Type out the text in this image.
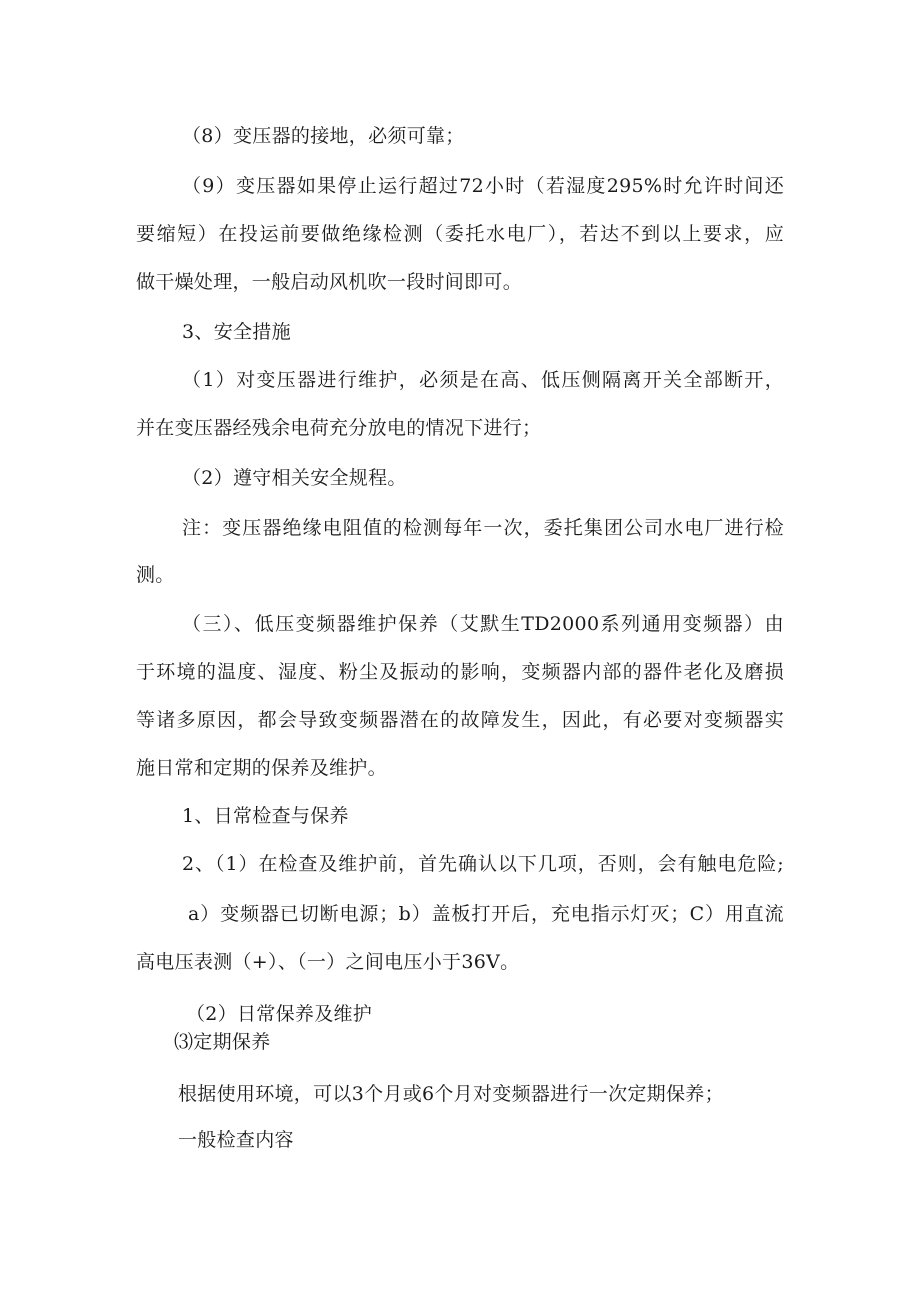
（8）变压器的接地，必须可靠；
（9）变压器如果停止运行超过72小时（若湿度295%时允许时间还
要缩短）在投运前要做绝缘检测（委托水电厂），若达不到以上要求，应
做干燥处理，一般启动风机吹一段时间即可。
3、安全措施
（1）对变压器进行维护，必须是在高、低压侧隔离开关全部断开，
并在变压器经残余电荷充分放电的情况下进行；
（2）遵守相关安全规程。
注：变压器绝缘电阻值的检测每年一次，委托集团公司水电厂进行检
测。
（三）、低压变频器维护保养（艾默生TD2000系列通用变频器）由
于环境的温度、湿度、粉尘及振动的影响，变频器内部的器件老化及磨损
等诸多原因，都会导致变频器潜在的故障发生，因此，有必要对变频器实
施日常和定期的保养及维护。
1、日常检查与保养
2、（1）在检查及维护前，首先确认以下几项，否则，会有触电危险;
a）变频器已切断电源；b）盖板打开后，充电指示灯灭；C）用直流
高电压表测（+）、（一）之间电压小于36V。
（2）日常保养及维护
⑶定期保养
根据使用环境，可以3个月或6个月对变频器进行一次定期保养；
一般检查内容
